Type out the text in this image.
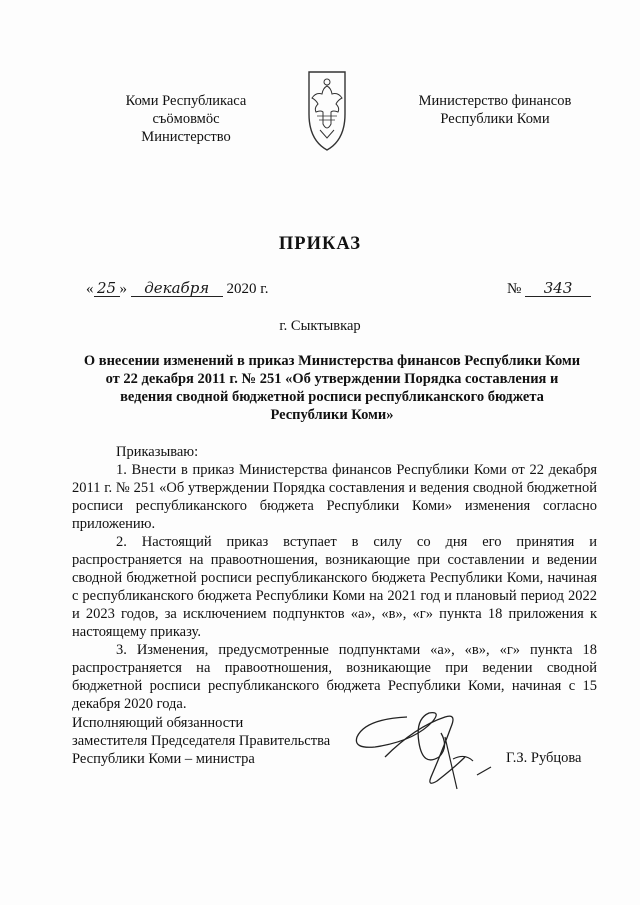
Коми Республикаса
съӧмовмӧс
Министерство
Министерство финансов
Республики Коми
ПРИКАЗ
« 25 » декабря 2020 г.	№ 343
г. Сыктывкар
О внесении изменений в приказ Министерства финансов Республики Коми
от 22 декабря 2011 г. № 251 «Об утверждении Порядка составления и
ведения сводной бюджетной росписи республиканского бюджета
Республики Коми»

Приказываю:

1. Внести в приказ Министерства финансов Республики Коми от 22 декабря 2011 г. № 251 «Об утверждении Порядка составления и ведения сводной бюджетной росписи республиканского бюджета Республики Коми» изменения согласно приложению.

2. Настоящий приказ вступает в силу со дня его принятия и распространяется на правоотношения, возникающие при составлении и ведении сводной бюджетной росписи республиканского бюджета Республики Коми, начиная с республиканского бюджета Республики Коми на 2021 год и плановый период 2022 и 2023 годов, за исключением подпунктов «а», «в», «г» пункта 18 приложения к настоящему приказу.

3. Изменения, предусмотренные подпунктами «а», «в», «г» пункта 18 распространяется на правоотношения, возникающие при ведении сводной бюджетной росписи республиканского бюджета Республики Коми, начиная с 15 декабря 2020 года.

Исполняющий обязанности
заместителя Председателя Правительства
Республики Коми – министра	Г.З. Рубцова
